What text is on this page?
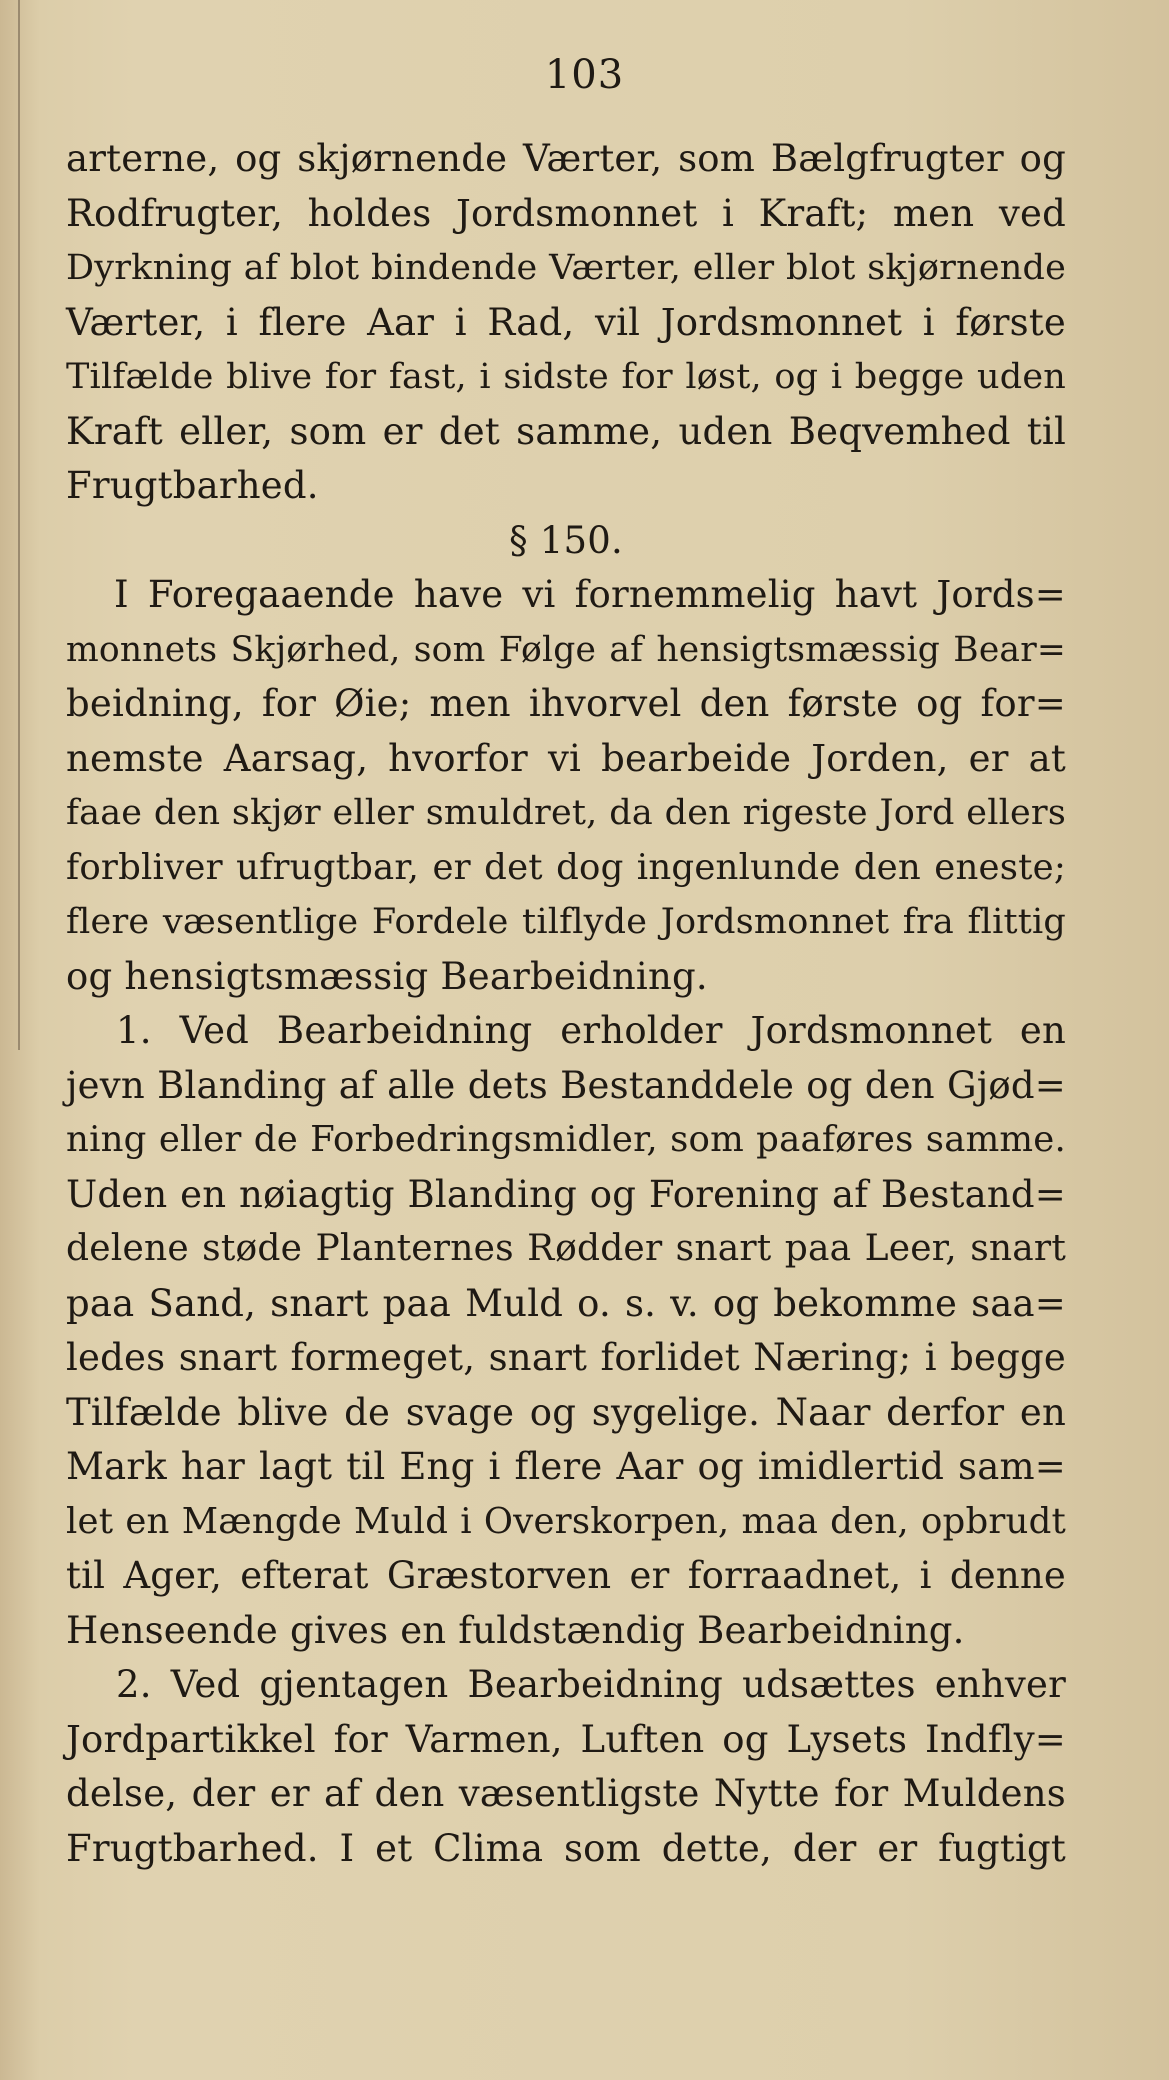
103
arterne, og skjørnende Værter, som Bælgfrugter og
Rodfrugter, holdes Jordsmonnet i Kraft; men ved
Dyrkning af blot bindende Værter, eller blot skjørnende
Værter, i flere Aar i Rad, vil Jordsmonnet i første
Tilfælde blive for fast, i sidste for løst, og i begge uden
Kraft eller, som er det samme, uden Beqvemhed til
Frugtbarhed.
§ 150.
I Foregaaende have vi fornemmelig havt Jords=
monnets Skjørhed, som Følge af hensigtsmæssig Bear=
beidning, for Øie; men ihvorvel den første og for=
nemste Aarsag, hvorfor vi bearbeide Jorden, er at
faae den skjør eller smuldret, da den rigeste Jord ellers
forbliver ufrugtbar, er det dog ingenlunde den eneste;
flere væsentlige Fordele tilflyde Jordsmonnet fra flittig
og hensigtsmæssig Bearbeidning.
1. Ved Bearbeidning erholder Jordsmonnet en
jevn Blanding af alle dets Bestanddele og den Gjød=
ning eller de Forbedringsmidler, som paaføres samme.
Uden en nøiagtig Blanding og Forening af Bestand=
delene støde Planternes Rødder snart paa Leer, snart
paa Sand, snart paa Muld o. s. v. og bekomme saa=
ledes snart formeget, snart forlidet Næring; i begge
Tilfælde blive de svage og sygelige. Naar derfor en
Mark har lagt til Eng i flere Aar og imidlertid sam=
let en Mængde Muld i Overskorpen, maa den, opbrudt
til Ager, efterat Græstorven er forraadnet, i denne
Henseende gives en fuldstændig Bearbeidning.
2. Ved gjentagen Bearbeidning udsættes enhver
Jordpartikkel for Varmen, Luften og Lysets Indfly=
delse, der er af den væsentligste Nytte for Muldens
Frugtbarhed. I et Clima som dette, der er fugtigt
